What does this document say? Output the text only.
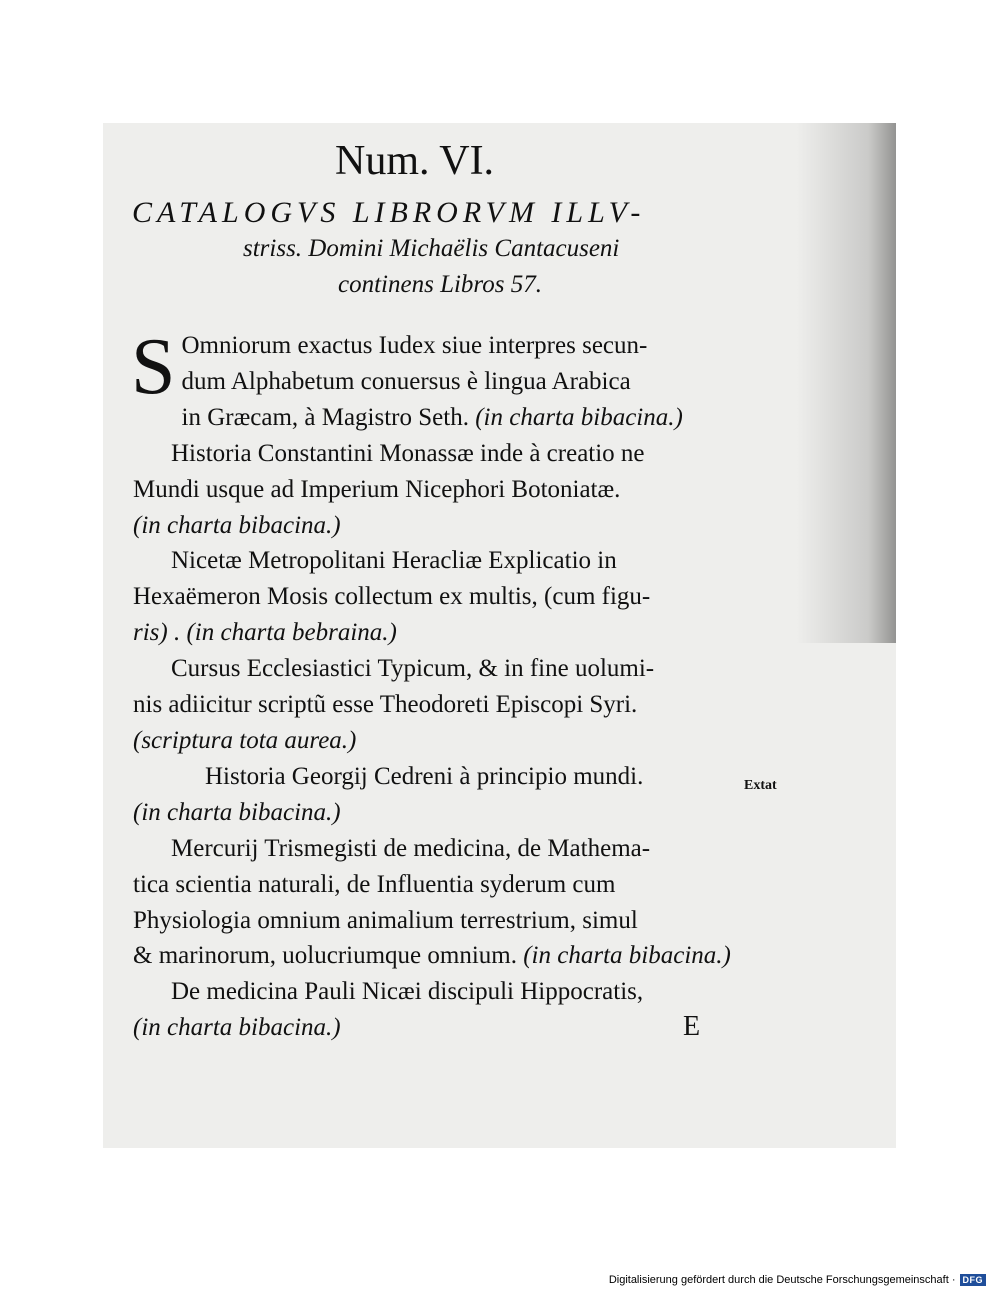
Num. VI.
CATALOGVS LIBRORVM ILLV-
striss. Domini Michaëlis Cantacuseni
continens Libros 57.
S Omniorum exactus Iudex siue interpres secun-

dum Alphabetum conuersus è lingua Arabica

in Græcam, à Magistro Seth. (in charta bibacina.)

Historia Constantini Monassæ inde à creatio ne

Mundi usque ad Imperium Nicephori Botoniatæ.

(in charta bibacina.)

Nicetæ Metropolitani Heracliæ Explicatio in

Hexaëmeron Mosis collectum ex multis, (cum figu-

ris) . (in charta bebraina.)

Cursus Ecclesiastici Typicum, & in fine uolumi-

nis adiicitur scriptũ esse Theodoreti Episcopi Syri.

(scriptura tota aurea.)

Historia Georgij Cedreni à principio mundi.

(in charta bibacina.)

Mercurij Trismegisti de medicina, de Mathema-

tica scientia naturali, de Influentia syderum cum

Physiologia omnium animalium terrestrium, simul

& marinorum, uolucriumque omnium. (in charta bibacina.)

De medicina Pauli Nicæi discipuli Hippocratis,

(in charta bibacina.)

Extat
E
Digitalisierung gefördert durch die Deutsche Forschungsgemeinschaft · DFG
